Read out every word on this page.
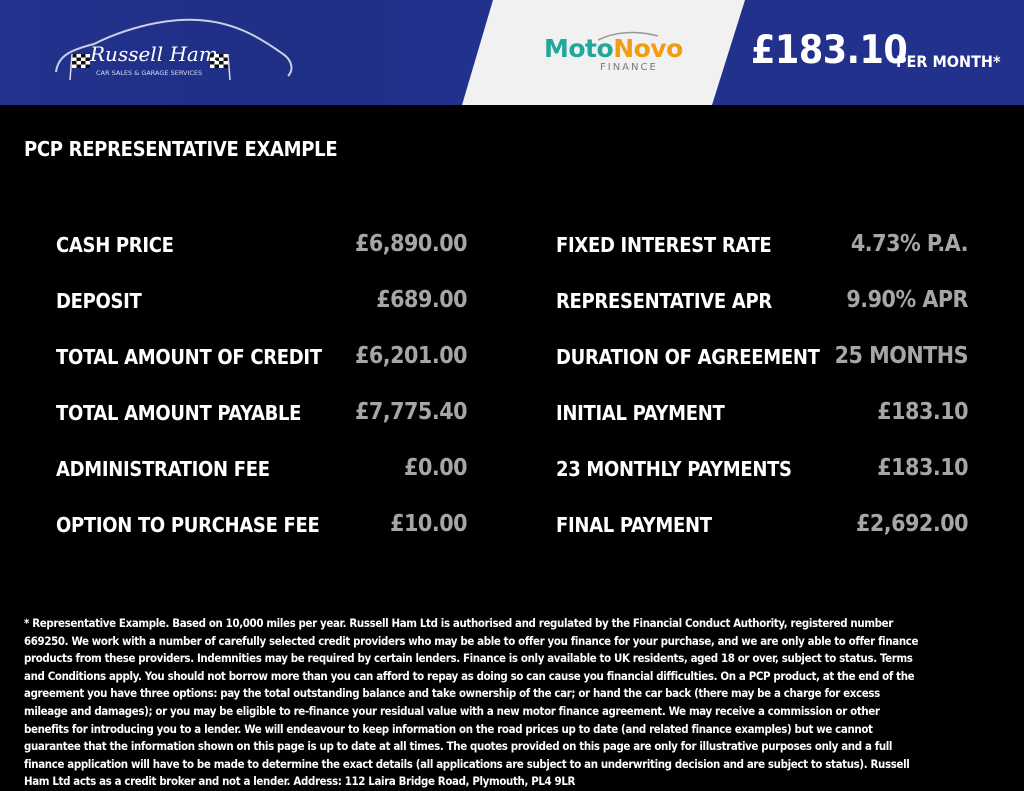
Russell Ham
CAR SALES & GARAGE SERVICES
MotoNovo
FINANCE £183.10
PER MONTH*
PCP REPRESENTATIVE EXAMPLE
CASH PRICE	£6,890.00
DEPOSIT	£689.00
TOTAL AMOUNT OF CREDIT £6,201.00
TOTAL AMOUNT PAYABLE £7,775.40
ADMINISTRATION FEE	£0.00
OPTION TO PURCHASE FEE	£10.00
FIXED INTEREST RATE	4.73% P.A.
REPRESENTATIVE APR	9.90% APR
DURATION OF AGREEMENT 25 MONTHS
INITIAL PAYMENT	£183.10
23 MONTHLY PAYMENTS	£183.10
FINAL PAYMENT	£2,692.00
* Representative Example. Based on 10,000 miles per year. Russell Ham Ltd is authorised and regulated by the Financial Conduct Authority, registered number 669250. We work with a number of carefully selected credit providers who may be able to offer you finance for your purchase, and we are only able to offer finance products from these providers. Indemnities may be required by certain lenders. Finance is only available to UK residents, aged 18 or over, subject to status. Terms and Conditions apply. You should not borrow more than you can afford to repay as doing so can cause you financial difficulties. On a PCP product, at the end of the agreement you have three options: pay the total outstanding balance and take ownership of the car; or hand the car back (there may be a charge for excess mileage and damages); or you may be eligible to re-finance your residual value with a new motor finance agreement. We may receive a commission or other benefits for introducing you to a lender. We will endeavour to keep information on the road prices up to date (and related finance examples) but we cannot guarantee that the information shown on this page is up to date at all times. The quotes provided on this page are only for illustrative purposes only and a full finance application will have to be made to determine the exact details (all applications are subject to an underwriting decision and are subject to status). Russell Ham Ltd acts as a credit broker and not a lender. Address: 112 Laira Bridge Road, Plymouth, PL4 9LR
